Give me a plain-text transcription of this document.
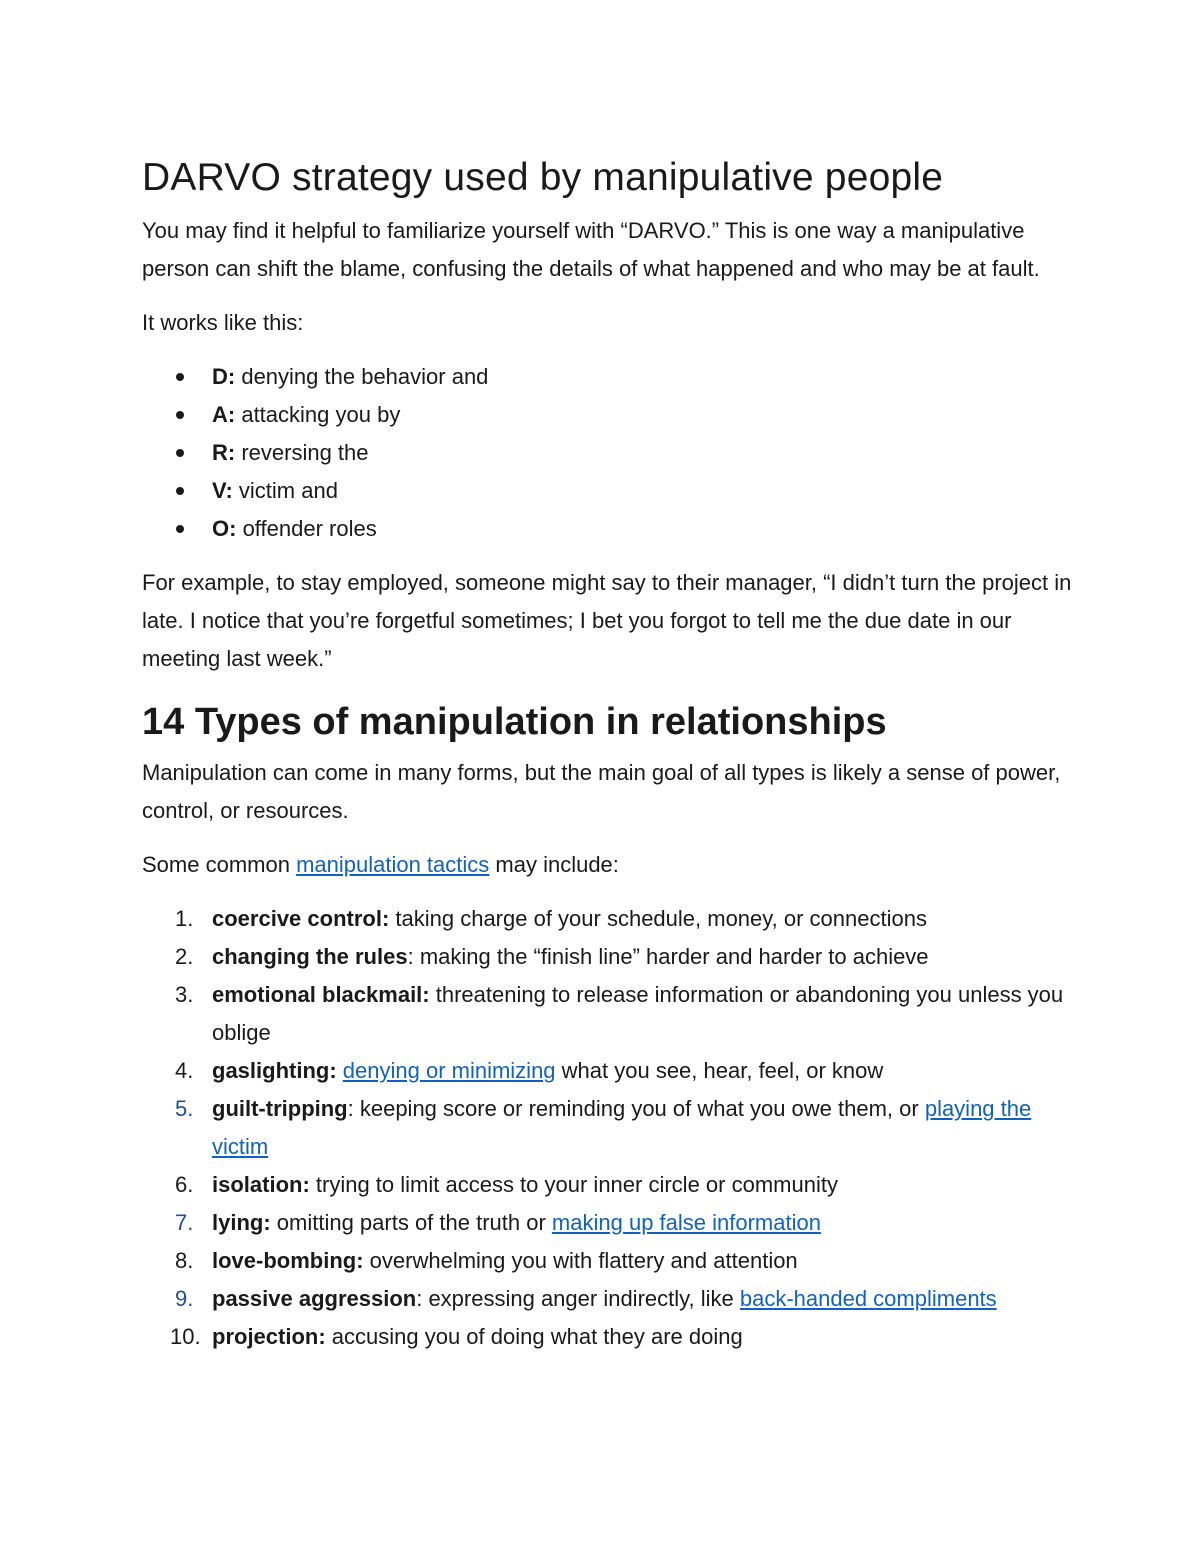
DARVO strategy used by manipulative people

You may find it helpful to familiarize yourself with “DARVO.” This is one way a manipulative person can shift the blame, confusing the details of what happened and who may be at fault.

It works like this:

D: denying the behavior and
A: attacking you by
R: reversing the
V: victim and
O: offender roles

For example, to stay employed, someone might say to their manager, “I didn’t turn the project in late. I notice that you’re forgetful sometimes; I bet you forgot to tell me the due date in our meeting last week.”

14 Types of manipulation in relationships

Manipulation can come in many forms, but the main goal of all types is likely a sense of power, control, or resources.

Some common manipulation tactics may include:

1. coercive control: taking charge of your schedule, money, or connections
2. changing the rules: making the “finish line” harder and harder to achieve
3. emotional blackmail: threatening to release information or abandoning you unless you oblige
4. gaslighting: denying or minimizing what you see, hear, feel, or know
5. guilt-tripping: keeping score or reminding you of what you owe them, or playing the victim
6. isolation: trying to limit access to your inner circle or community
7. lying: omitting parts of the truth or making up false information
8. love-bombing: overwhelming you with flattery and attention
9. passive aggression: expressing anger indirectly, like back-handed compliments
10. projection: accusing you of doing what they are doing
